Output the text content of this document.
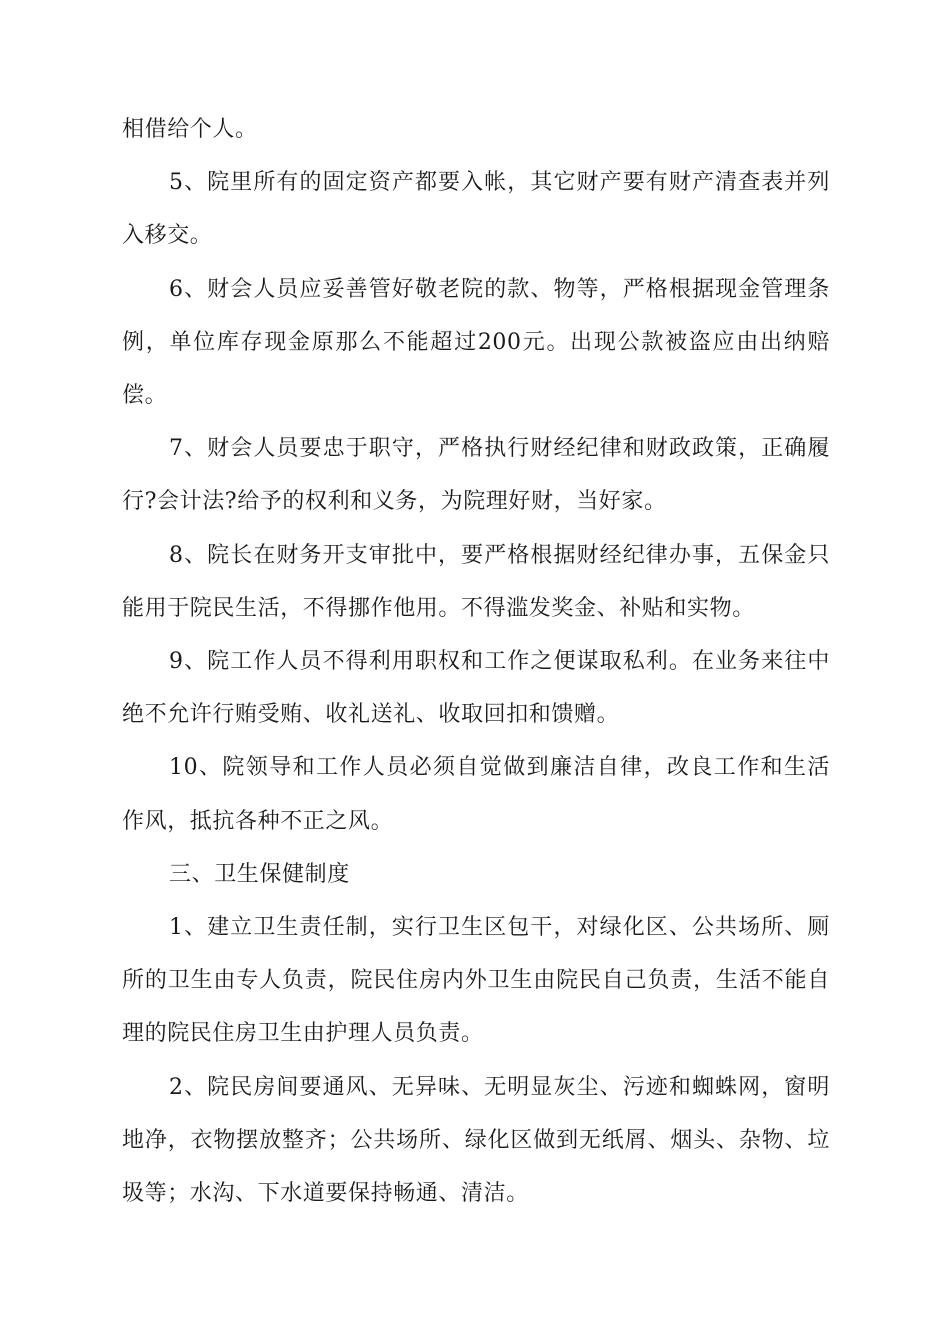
相借给个人。

5、院里所有的固定资产都要入帐，其它财产要有财产清查表并列入移交。

6、财会人员应妥善管好敬老院的款、物等，严格根据现金管理条例，单位库存现金原那么不能超过200元。出现公款被盗应由出纳赔偿。

7、财会人员要忠于职守，严格执行财经纪律和财政政策，正确履行?会计法?给予的权利和义务，为院理好财，当好家。

8、院长在财务开支审批中，要严格根据财经纪律办事，五保金只能用于院民生活，不得挪作他用。不得滥发奖金、补贴和实物。

9、院工作人员不得利用职权和工作之便谋取私利。在业务来往中绝不允许行贿受贿、收礼送礼、收取回扣和馈赠。

10、院领导和工作人员必须自觉做到廉洁自律，改良工作和生活作风，抵抗各种不正之风。

三、卫生保健制度

1、建立卫生责任制，实行卫生区包干，对绿化区、公共场所、厕所的卫生由专人负责，院民住房内外卫生由院民自己负责，生活不能自理的院民住房卫生由护理人员负责。

2、院民房间要通风、无异味、无明显灰尘、污迹和蜘蛛网，窗明地净，衣物摆放整齐；公共场所、绿化区做到无纸屑、烟头、杂物、垃圾等；水沟、下水道要保持畅通、清洁。
